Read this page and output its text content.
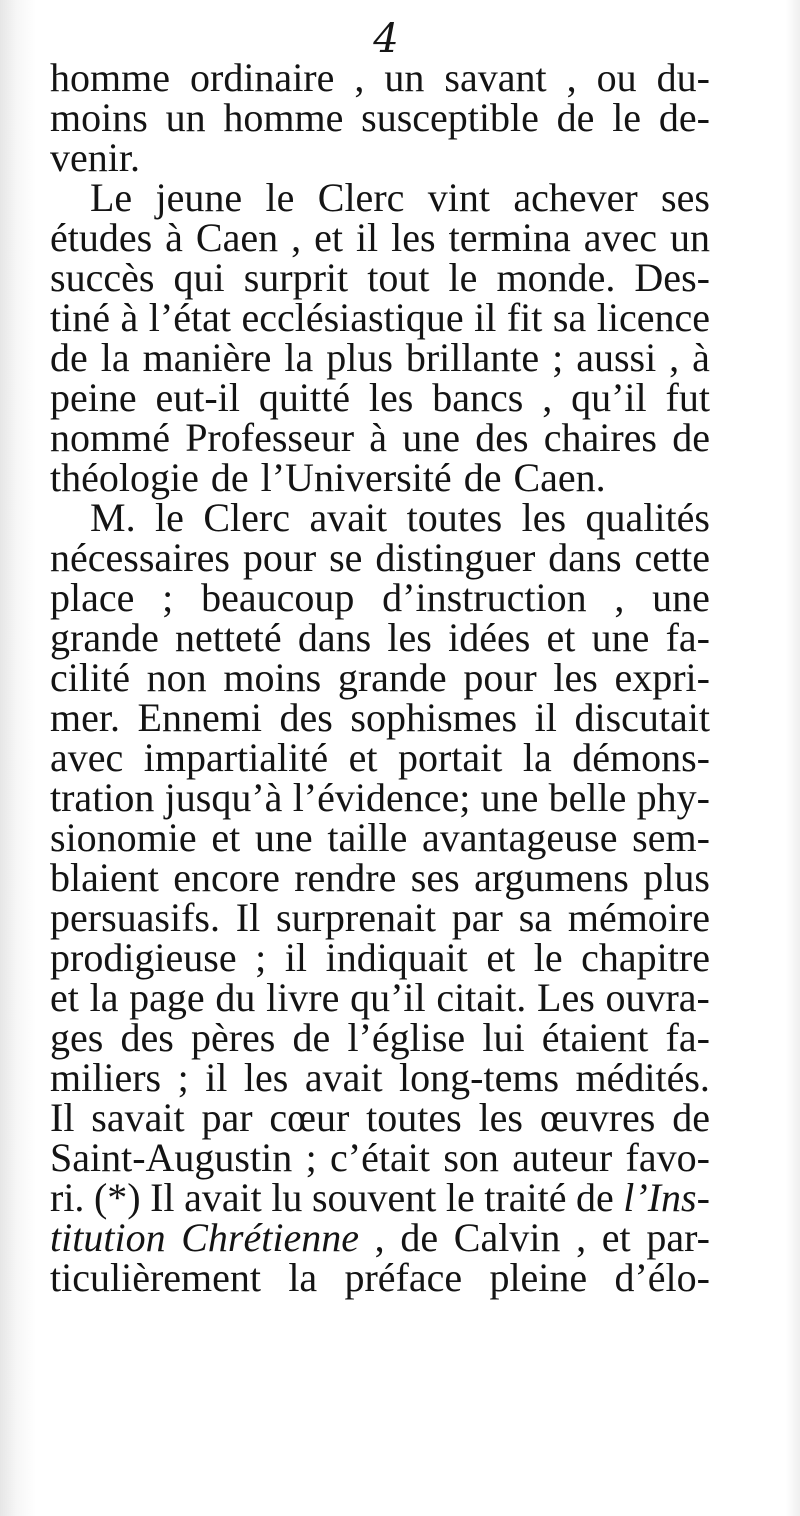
4
homme ordinaire , un savant , ou du-
moins un homme susceptible de le de-
venir.
Le jeune le Clerc vint achever ses
études à Caen , et il les termina avec un
succès qui surprit tout le monde. Des-
tiné à l’état ecclésiastique il fit sa licence
de la manière la plus brillante ; aussi , à
peine eut-il quitté les bancs , qu’il fut
nommé Professeur à une des chaires de
théologie de l’Université de Caen.
M. le Clerc avait toutes les qualités
nécessaires pour se distinguer dans cette
place ; beaucoup d’instruction , une
grande netteté dans les idées et une fa-
cilité non moins grande pour les expri-
mer. Ennemi des sophismes il discutait
avec impartialité et portait la démons-
tration jusqu’à l’évidence; une belle phy-
sionomie et une taille avantageuse sem-
blaient encore rendre ses argumens plus
persuasifs. Il surprenait par sa mémoire
prodigieuse ; il indiquait et le chapitre
et la page du livre qu’il citait. Les ouvra-
ges des pères de l’église lui étaient fa-
miliers ; il les avait long-tems médités.
Il savait par cœur toutes les œuvres de
Saint-Augustin ; c’était son auteur favo-
ri. (*) Il avait lu souvent le traité de l’Ins-
titution Chrétienne , de Calvin , et par-
ticulièrement la préface pleine d’élo-
